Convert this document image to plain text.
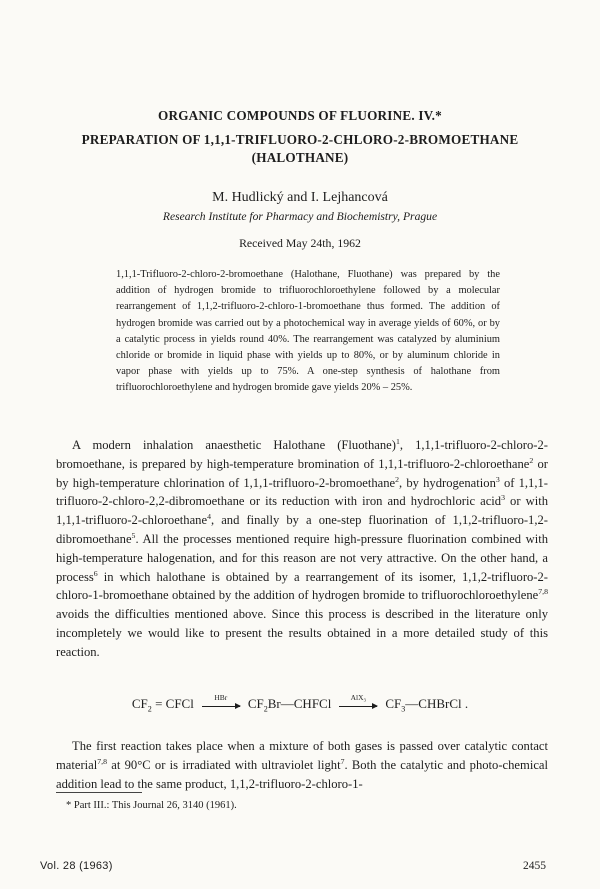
ORGANIC COMPOUNDS OF FLUORINE. IV.*
PREPARATION OF 1,1,1-TRIFLUORO-2-CHLORO-2-BROMOETHANE
(HALOTHANE)
M. Hudlický and I. Lejhancová
Research Institute for Pharmacy and Biochemistry, Prague
Received May 24th, 1962
1,1,1-Trifluoro-2-chloro-2-bromoethane (Halothane, Fluothane) was prepared by the addition of hydrogen bromide to trifluorochloroethylene followed by a molecular rearrangement of 1,1,2-trifluoro-2-chloro-1-bromoethane thus formed. The addition of hydrogen bromide was carried out by a photochemical way in average yields of 60%, or by a catalytic process in yields round 40%. The rearrangement was catalyzed by aluminium chloride or bromide in liquid phase with yields up to 80%, or by aluminum chloride in vapor phase with yields up to 75%. A one-step synthesis of halothane from trifluorochloroethylene and hydrogen bromide gave yields 20% – 25%.
A modern inhalation anaesthetic Halothane (Fluothane)$^1$, 1,1,1-trifluoro-2-chloro-2-bromoethane, is prepared by high-temperature bromination of 1,1,1-trifluoro-2-chloroethane$^2$ or by high-temperature chlorination of 1,1,1-trifluoro-2-bromoethane$^2$, by hydrogenation$^3$ of 1,1,1-trifluoro-2-chloro-2,2-dibromoethane or its reduction with iron and hydrochloric acid$^3$ or with 1,1,1-trifluoro-2-chloroethane$^4$, and finally by a one-step fluorination of 1,1,2-trifluoro-1,2-dibromoethane$^5$. All the processes mentioned require high-pressure fluorination combined with high-temperature halogenation, and for this reason are not very attractive. On the other hand, a process$^6$ in which halothane is obtained by a rearrangement of its isomer, 1,1,2-trifluoro-2-chloro-1-bromoethane obtained by the addition of hydrogen bromide to trifluorochloroethylene$^{7,8}$ avoids the difficulties mentioned above. Since this process is described in the literature only incompletely we would like to present the results obtained in a more detailed study of this reaction.
$CF_2$ = CFCl	HBr	$CF_2Br—CHFCl$	AlX₃	$CF_3—CHBrCl$ .
The first reaction takes place when a mixture of both gases is passed over catalytic contact material$^{7,8}$ at 90°C or is irradiated with ultraviolet light$^7$. Both the catalytic and photo-chemical addition lead to the same product, 1,1,2-trifluoro-2-chloro-1-
* Part III.: This Journal 26, 3140 (1961).
Vol. 28 (1963)	2455
